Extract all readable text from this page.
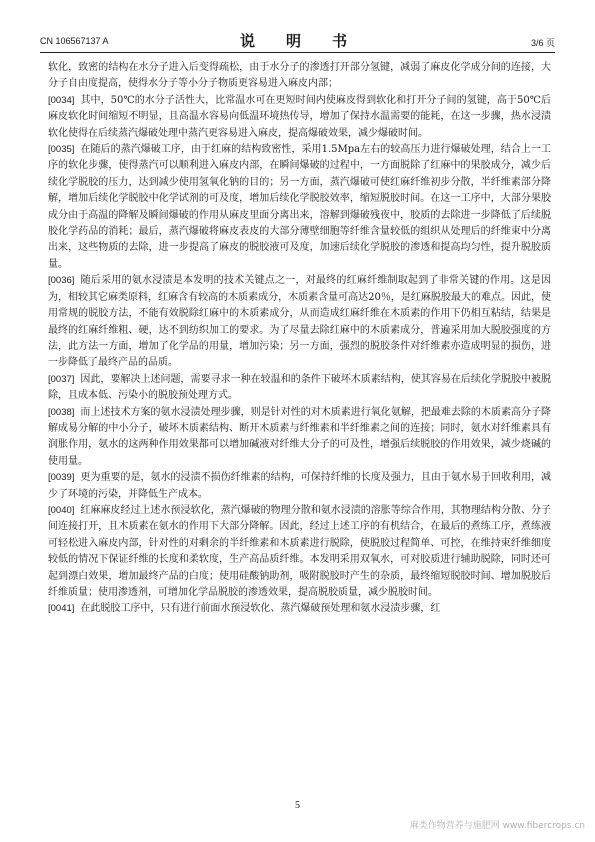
CN 106567137 A	说　明　书	3/6 页

软化，致密的结构在水分子进入后变得疏松，由于水分子的渗透打开部分氢键，减弱了麻皮化学成分间的连接，大分子自由度提高，使得水分子等小分子物质更容易进入麻皮内部；

[0034] 其中，50℃的水分子活性大，比常温水可在更短时间内使麻皮得到软化和打开分子间的氢键，高于50℃后麻皮软化时间缩短不明显，且高温水容易向低温环境热传导，增加了保持水温需要的能耗，在这一步骤，热水浸渍软化使得在后续蒸汽爆破处理中蒸汽更容易进入麻皮，提高爆破效果，减少爆破时间。

[0035] 在随后的蒸汽爆破工序，由于红麻的结构致密性，采用1.5Mpa左右的较高压力进行爆破处理，结合上一工序的软化步骤，使得蒸汽可以顺利进入麻皮内部，在瞬间爆破的过程中，一方面脱除了红麻中的果胶成分，减少后续化学脱胶的压力，达到减少使用氢氧化钠的目的；另一方面，蒸汽爆破可使红麻纤维初步分散，半纤维素部分降解，增加后续化学脱胶中化学试剂的可及度，增加后续化学脱胶效率，缩短脱胶时间。在这一工序中，大部分果胶成分由于高温的降解及瞬间爆破的作用从麻皮里面分离出来，溶解到爆破残夜中，胶质的去除进一步降低了后续脱胶化学药品的消耗；最后，蒸汽爆破将麻皮表皮的大部分薄壁细胞等纤维含量较低的组织从处理后的纤维束中分离出来，这些物质的去除，进一步提高了麻皮的脱胶液可及度，加速后续化学脱胶的渗透和提高均匀性，提升脱胶质量。

[0036] 随后采用的氨水浸渍是本发明的技术关键点之一，对最终的红麻纤维制取起到了非常关键的作用。这是因为，相较其它麻类原料，红麻含有较高的木质素成分，木质素含量可高达20％，是红麻脱胶最大的难点。因此，使用常规的脱胶方法，不能有效脱除红麻中的木质素成分，从而造成红麻纤维在木质素的作用下仍相互粘结，结果是最终的红麻纤维粗、硬，达不到纺织加工的要求。为了尽量去除红麻中的木质素成分，普遍采用加大脱胶强度的方法，此方法一方面，增加了化学品的用量，增加污染；另一方面，强烈的脱胶条件对纤维素亦造成明显的损伤，进一步降低了最终产品的品质。

[0037] 因此，要解决上述问题，需要寻求一种在较温和的条件下破坏木质素结构，使其容易在后续化学脱胶中被脱除，且成本低、污染小的脱胶预处理方式。

[0038] 而上述技术方案的氨水浸渍处理步骤，则是针对性的对木质素进行氧化氨解，把最难去除的木质素高分子降解成易分解的中小分子，破坏木质素结构、断开木质素与纤维素和半纤维素之间的连接；同时，氨水对纤维素具有润胀作用，氨水的这两种作用效果都可以增加碱液对纤维大分子的可及性，增强后续脱胶的作用效果，减少烧碱的使用量。

[0039] 更为重要的是，氨水的浸渍不损伤纤维素的结构，可保持纤维的长度及强力，且由于氨水易于回收利用，减少了环境的污染，并降低生产成本。

[0040] 红麻麻皮经过上述水预浸软化，蒸汽爆破的物理分散和氨水浸渍的溶胀等综合作用，其物理结构分散、分子间连接打开，且木质素在氨水的作用下大部分降解。因此，经过上述工序的有机结合，在最后的煮练工序，煮练液可轻松进入麻皮内部，针对性的对剩余的半纤维素和木质素进行脱除，使脱胶过程简单、可控，在维持束纤维细度较低的情况下保证纤维的长度和柔软度，生产高品质纤维。本发明采用双氧水，可对胶质进行辅助脱除，同时还可起到漂白效果，增加最终产品的白度；使用硅酸钠助剂，吸附脱胶时产生的杂质，最终缩短脱胶时间、增加脱胶后纤维质量；使用渗透剂，可增加化学品脱胶的渗透效果，提高脱胶质量，减少脱胶时间。

[0041] 在此脱胶工序中，只有进行前面水预浸软化、蒸汽爆破预处理和氨水浸渍步骤，红

5
麻类作物营养与施肥网 www.fibercrops.cn
